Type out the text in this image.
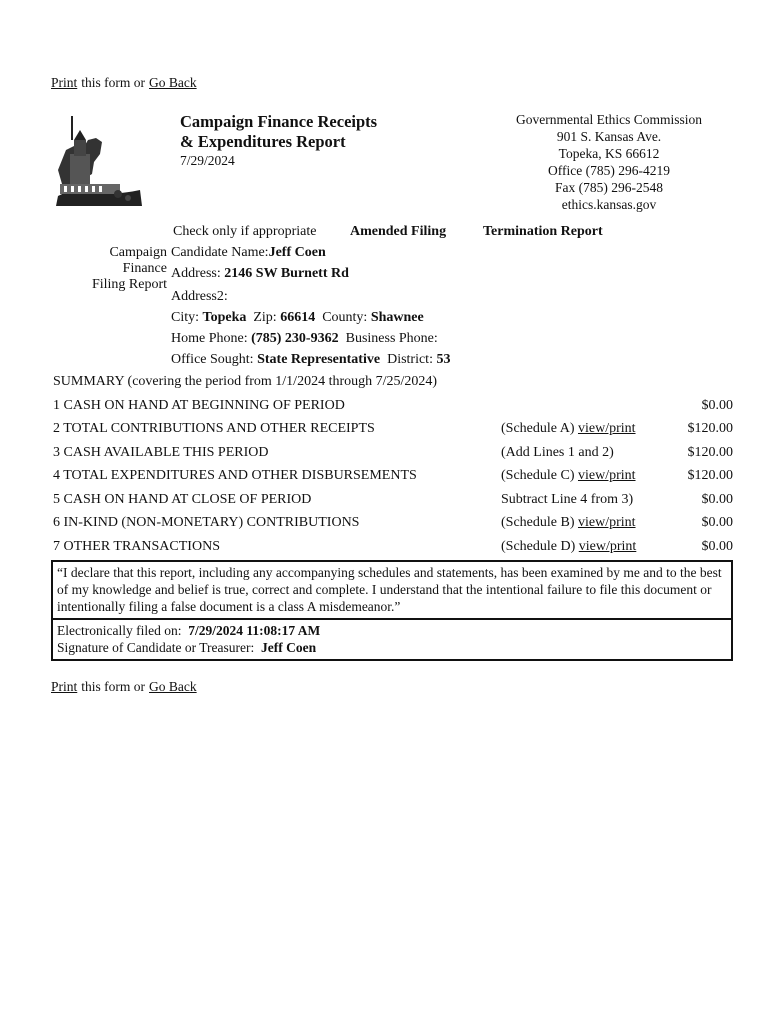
Print this form or Go Back
Campaign Finance Receipts
& Expenditures Report
7/29/2024
Governmental Ethics Commission
901 S. Kansas Ave.
Topeka, KS 66612
Office (785) 296-4219
Fax (785) 296-2548
ethics.kansas.gov
Check only if appropriate Amended Filing	Termination Report
Campaign
Finance
Filing Report
Candidate Name:Jeff Coen
Address: 2146 SW Burnett Rd
Address2:
City: Topeka Zip: 66614 County: Shawnee
Home Phone: (785) 230-9362 Business Phone:
Office Sought: State Representative District: 53
SUMMARY (covering the period from 1/1/2024 through 7/25/2024)
1 CASH ON HAND AT BEGINNING OF PERIOD		$0.00
2 TOTAL CONTRIBUTIONS AND OTHER RECEIPTS	(Schedule A) view/print	$120.00
3 CASH AVAILABLE THIS PERIOD	(Add Lines 1 and 2)	$120.00
4 TOTAL EXPENDITURES AND OTHER DISBURSEMENTS	(Schedule C) view/print	$120.00
5 CASH ON HAND AT CLOSE OF PERIOD	Subtract Line 4 from 3)	$0.00
6 IN-KIND (NON-MONETARY) CONTRIBUTIONS	(Schedule B) view/print	$0.00
7 OTHER TRANSACTIONS	(Schedule D) view/print	$0.00
“I declare that this report, including any accompanying schedules and statements, has been examined by me and to the best of my knowledge and belief is true, correct and complete. I understand that the intentional failure to file this document or intentionally filing a false document is a class A misdemeanor.”
Electronically filed on: 7/29/2024 11:08:17 AM
Signature of Candidate or Treasurer: Jeff Coen
Print this form or Go Back
